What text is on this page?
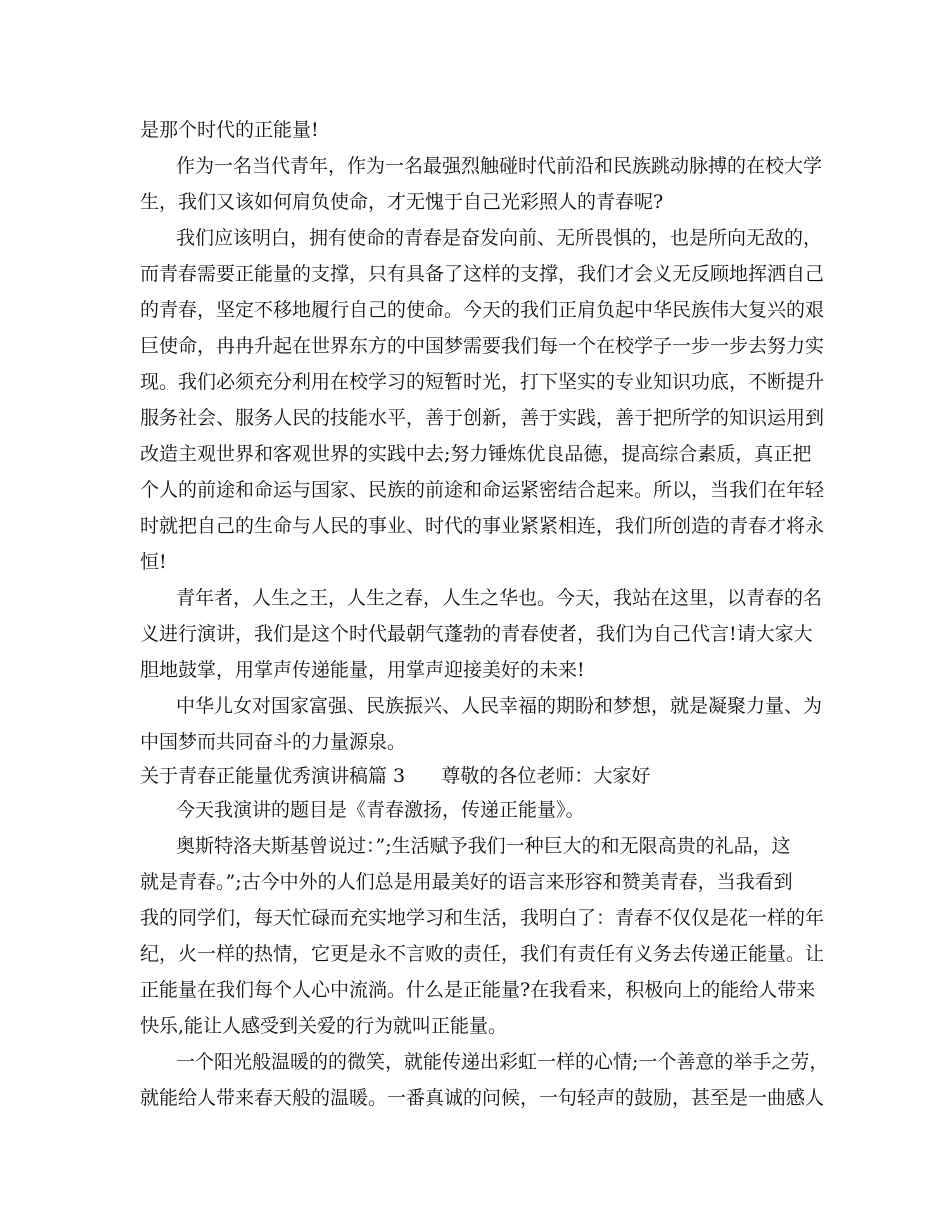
是那个时代的正能量!

作为一名当代青年，作为一名最强烈触碰时代前沿和民族跳动脉搏的在校大学

生，我们又该如何肩负使命，才无愧于自己光彩照人的青春呢?

我们应该明白，拥有使命的青春是奋发向前、无所畏惧的，也是所向无敌的，

而青春需要正能量的支撑，只有具备了这样的支撑，我们才会义无反顾地挥洒自己

的青春，坚定不移地履行自己的使命。今天的我们正肩负起中华民族伟大复兴的艰

巨使命，冉冉升起在世界东方的中国梦需要我们每一个在校学子一步一步去努力实

现。我们必须充分利用在校学习的短暂时光，打下坚实的专业知识功底，不断提升

服务社会、服务人民的技能水平，善于创新，善于实践，善于把所学的知识运用到

改造主观世界和客观世界的实践中去;努力锤炼优良品德，提高综合素质，真正把

个人的前途和命运与国家、民族的前途和命运紧密结合起来。所以，当我们在年轻

时就把自己的生命与人民的事业、时代的事业紧紧相连，我们所创造的青春才将永

恒!

青年者，人生之王，人生之春，人生之华也。今天，我站在这里，以青春的名

义进行演讲，我们是这个时代最朝气蓬勃的青春使者，我们为自己代言!请大家大

胆地鼓掌，用掌声传递能量，用掌声迎接美好的未来!

中华儿女对国家富强、民族振兴、人民幸福的期盼和梦想，就是凝聚力量、为

中国梦而共同奋斗的力量源泉。

关于青春正能量优秀演讲稿篇 3      尊敬的各位老师：大家好

今天我演讲的题目是《青春激扬，传递正能量》。

奥斯特洛夫斯基曾说过：”;生活赋予我们一种巨大的和无限高贵的礼品，这

就是青春。”;古今中外的人们总是用最美好的语言来形容和赞美青春，当我看到

我的同学们，每天忙碌而充实地学习和生活，我明白了：青春不仅仅是花一样的年

纪，火一样的热情，它更是永不言败的责任，我们有责任有义务去传递正能量。让

正能量在我们每个人心中流淌。什么是正能量?在我看来，积极向上的能给人带来

快乐,能让人感受到关爱的行为就叫正能量。

一个阳光般温暖的的微笑，就能传递出彩虹一样的心情;一个善意的举手之劳，

就能给人带来春天般的温暖。一番真诚的问候，一句轻声的鼓励，甚至是一曲感人
